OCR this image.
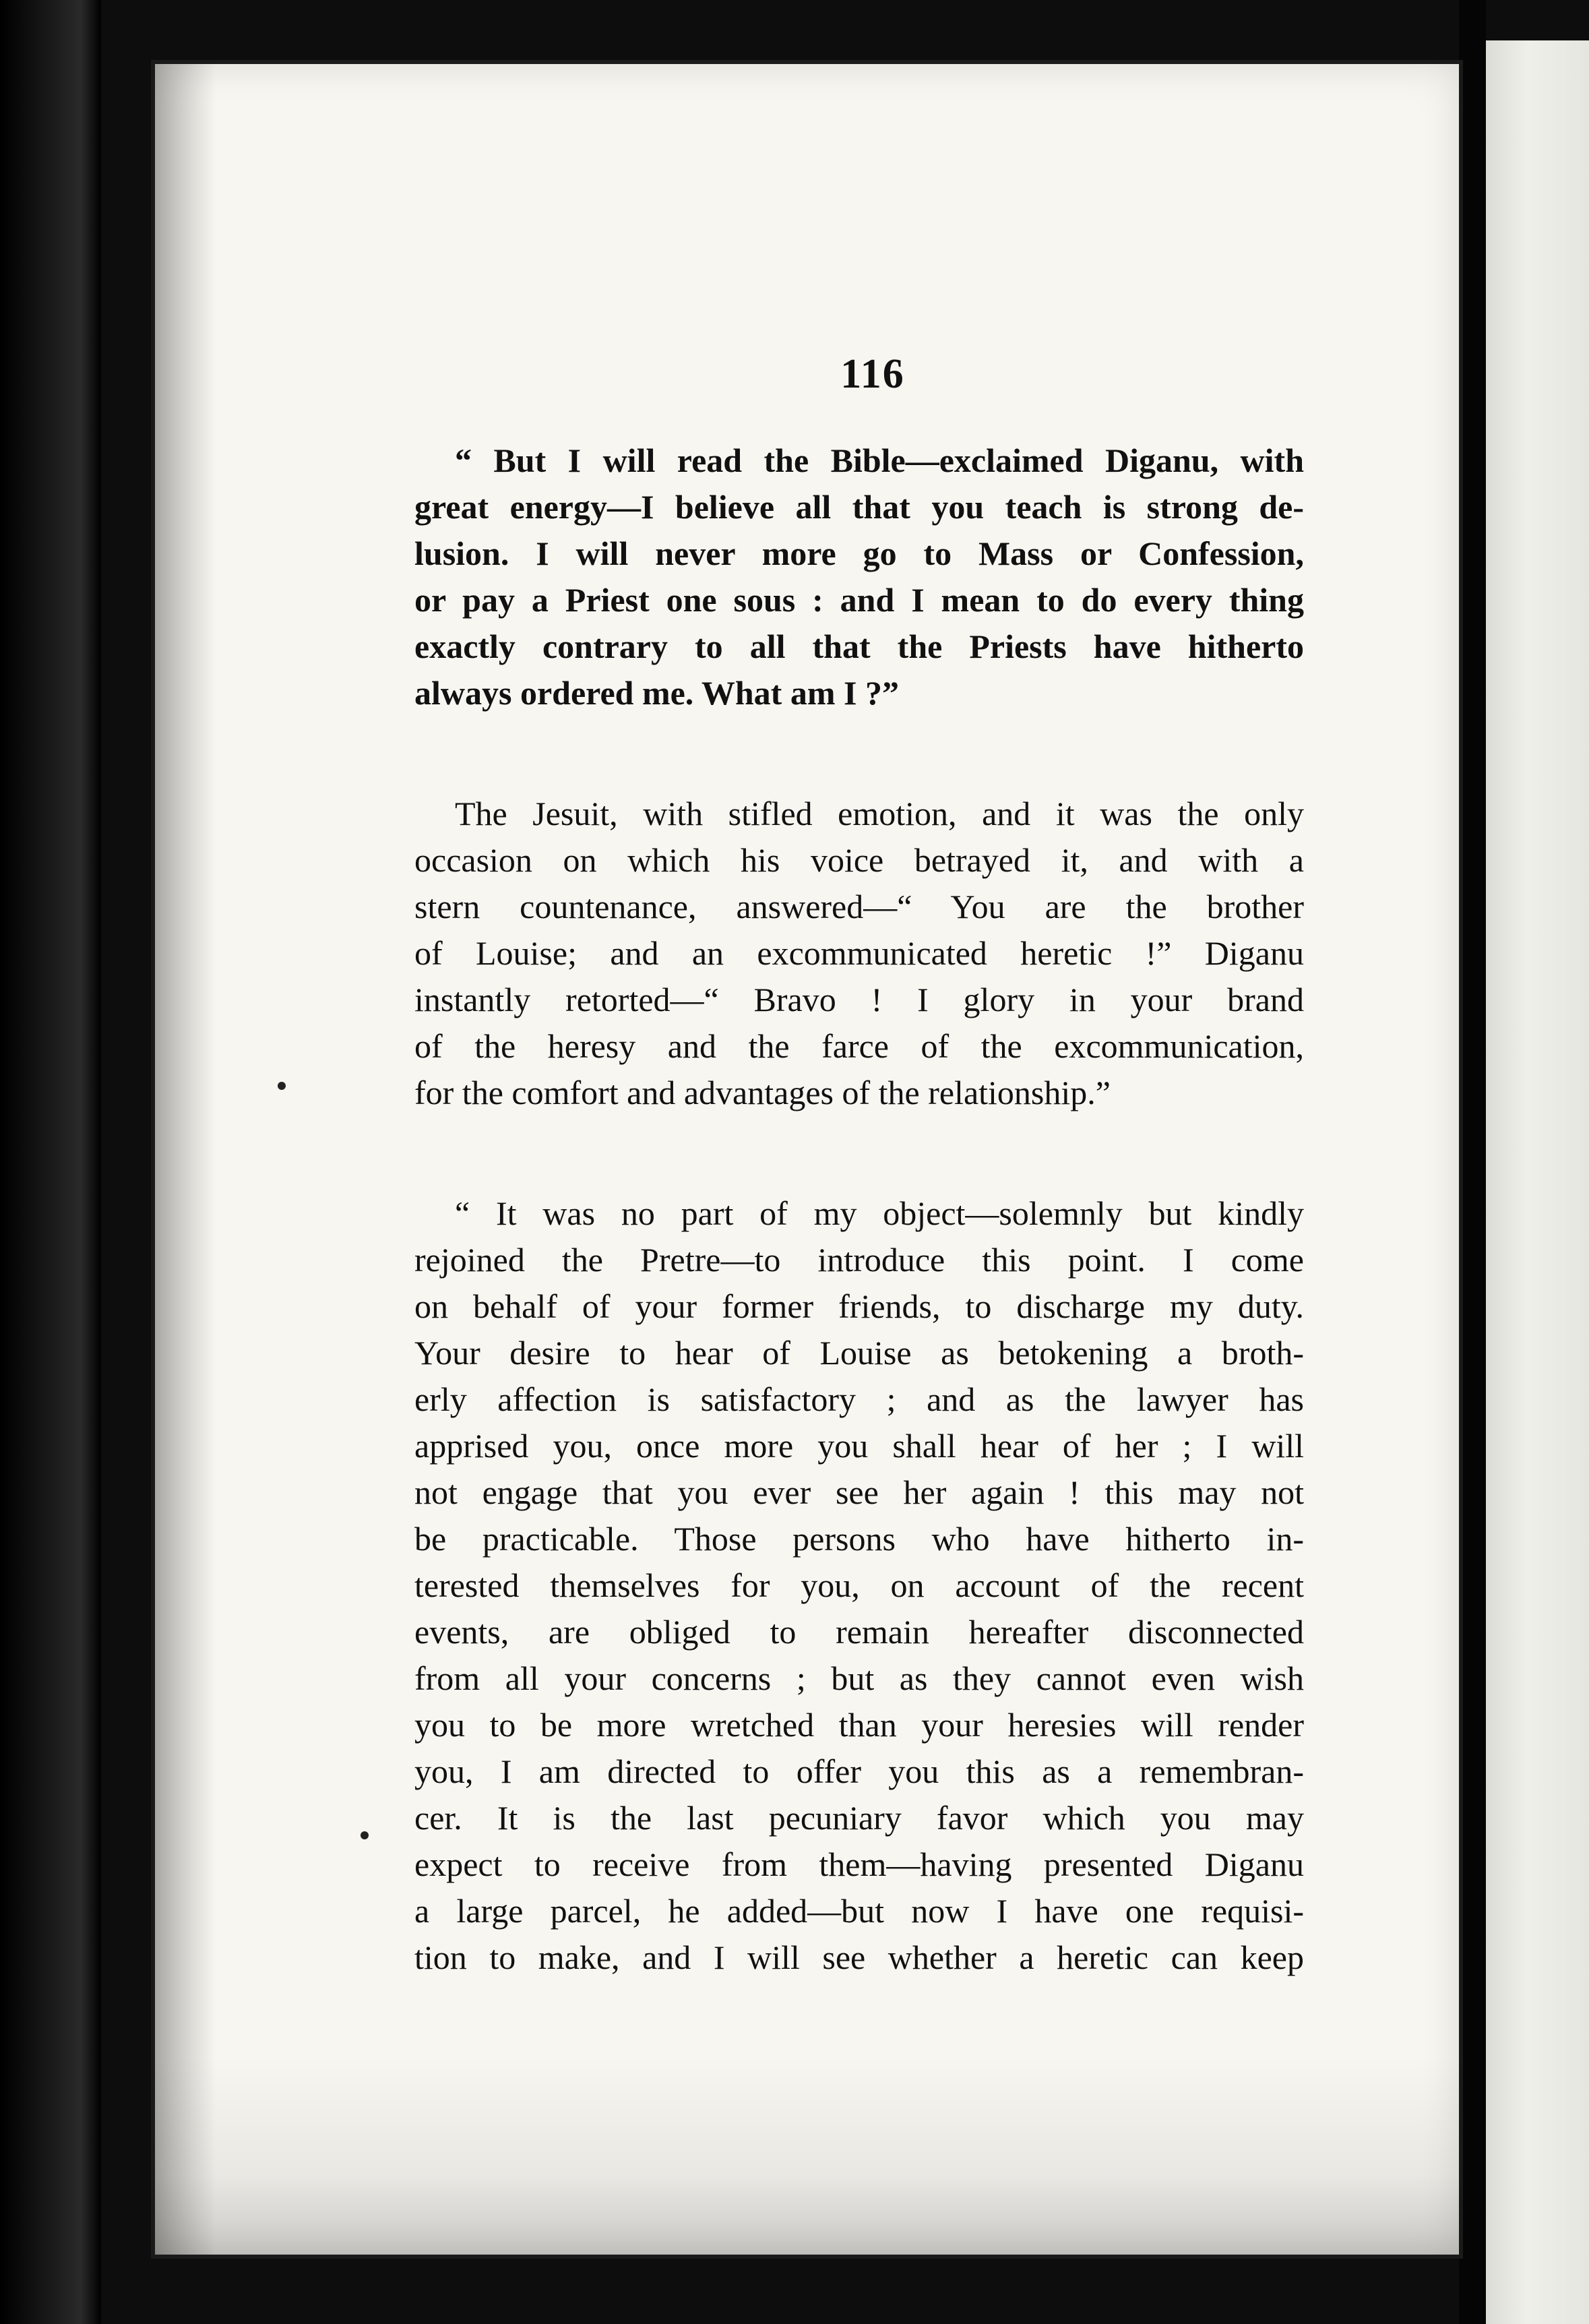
116
“ But I will read the Bible—exclaimed Diganu, with
great energy—I believe all that you teach is strong de-
lusion. I will never more go to Mass or Confession,
or pay a Priest one sous : and I mean to do every thing
exactly contrary to all that the Priests have hitherto
always ordered me. What am I ?”
The Jesuit, with stifled emotion, and it was the only
occasion on which his voice betrayed it, and with a
stern countenance, answered—“ You are the brother
of Louise; and an excommunicated heretic !” Diganu
instantly retorted—“ Bravo ! I glory in your brand
of the heresy and the farce of the excommunication,
for the comfort and advantages of the relationship.”
“ It was no part of my object—solemnly but kindly
rejoined the Pretre—to introduce this point. I come
on behalf of your former friends, to discharge my duty.
Your desire to hear of Louise as betokening a broth-
erly affection is satisfactory ; and as the lawyer has
apprised you, once more you shall hear of her ; I will
not engage that you ever see her again ! this may not
be practicable. Those persons who have hitherto in-
terested themselves for you, on account of the recent
events, are obliged to remain hereafter disconnected
from all your concerns ; but as they cannot even wish
you to be more wretched than your heresies will render
you, I am directed to offer you this as a remembran-
cer. It is the last pecuniary favor which you may
expect to receive from them—having presented Diganu
a large parcel, he added—but now I have one requisi-
tion to make, and I will see whether a heretic can keep
